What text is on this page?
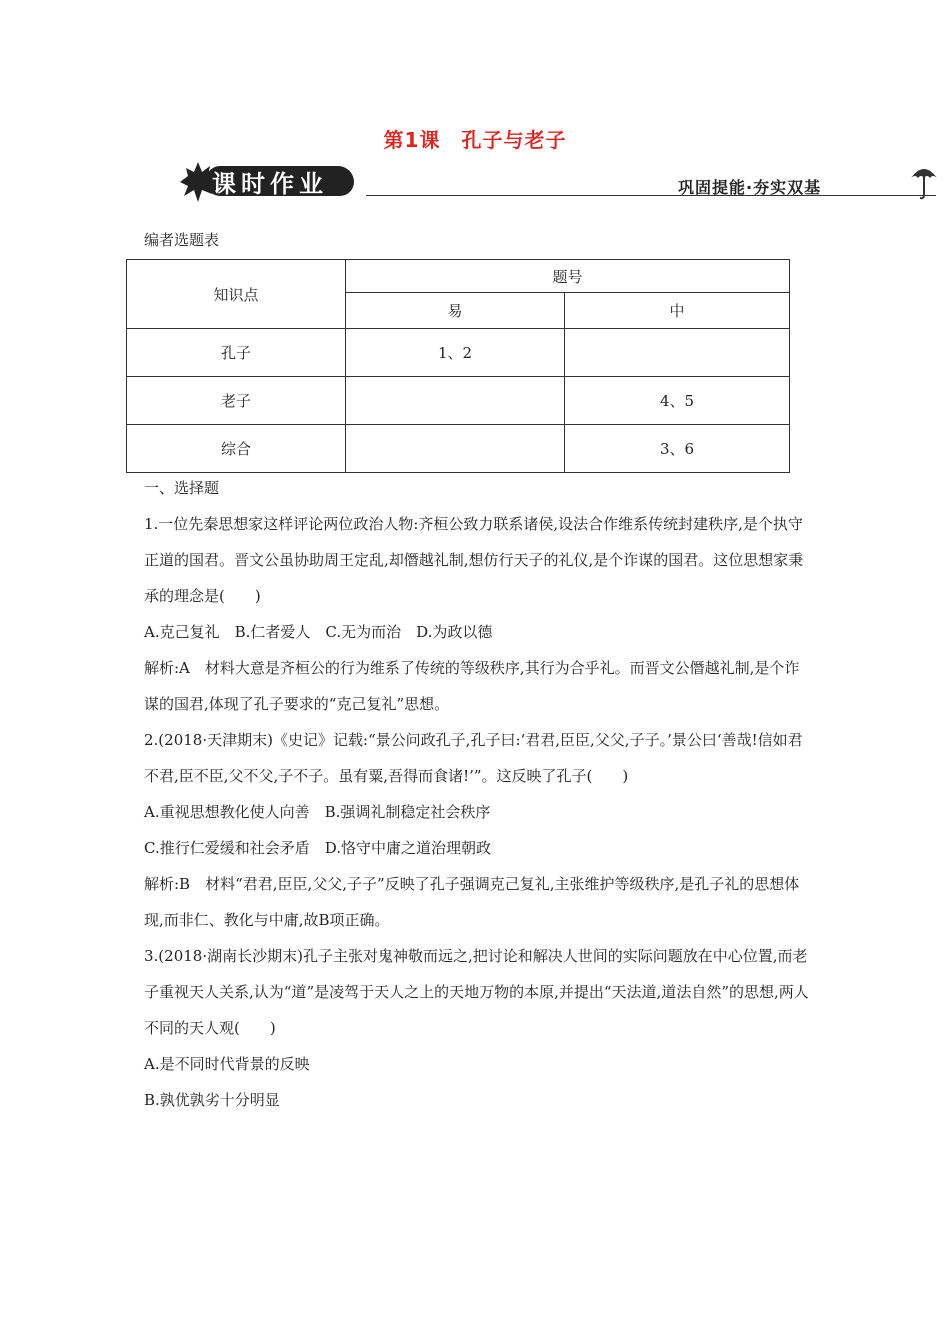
第1课　孔子与老子
课时作业	巩固提能·夯实双基
编者选题表
知识点	题号	
	易	中
孔子	1、2	
老子		4、5
综合		3、6

一、选择题

1.一位先秦思想家这样评论两位政治人物:齐桓公致力联系诸侯,设法合作维系传统封建秩序,是个执守正道的国君。晋文公虽协助周王定乱,却僭越礼制,想仿行天子的礼仪,是个诈谋的国君。这位思想家秉承的理念是(　　)

A.克己复礼　B.仁者爱人　C.无为而治　D.为政以德

解析:A　材料大意是齐桓公的行为维系了传统的等级秩序,其行为合乎礼。而晋文公僭越礼制,是个诈谋的国君,体现了孔子要求的“克己复礼”思想。

2.(2018·天津期末)《史记》记载:“景公问政孔子,孔子曰:‘君君,臣臣,父父,子子。’景公曰‘善哉!信如君不君,臣不臣,父不父,子不子。虽有粟,吾得而食诸!’”。这反映了孔子(　　)

A.重视思想教化使人向善　B.强调礼制稳定社会秩序

C.推行仁爱缓和社会矛盾　D.恪守中庸之道治理朝政

解析:B　材料“君君,臣臣,父父,子子”反映了孔子强调克己复礼,主张维护等级秩序,是孔子礼的思想体现,而非仁、教化与中庸,故B项正确。

3.(2018·湖南长沙期末)孔子主张对鬼神敬而远之,把讨论和解决人世间的实际问题放在中心位置,而老子重视天人关系,认为“道”是凌驾于天人之上的天地万物的本原,并提出“天法道,道法自然”的思想,两人不同的天人观(　　)

A.是不同时代背景的反映

B.孰优孰劣十分明显
